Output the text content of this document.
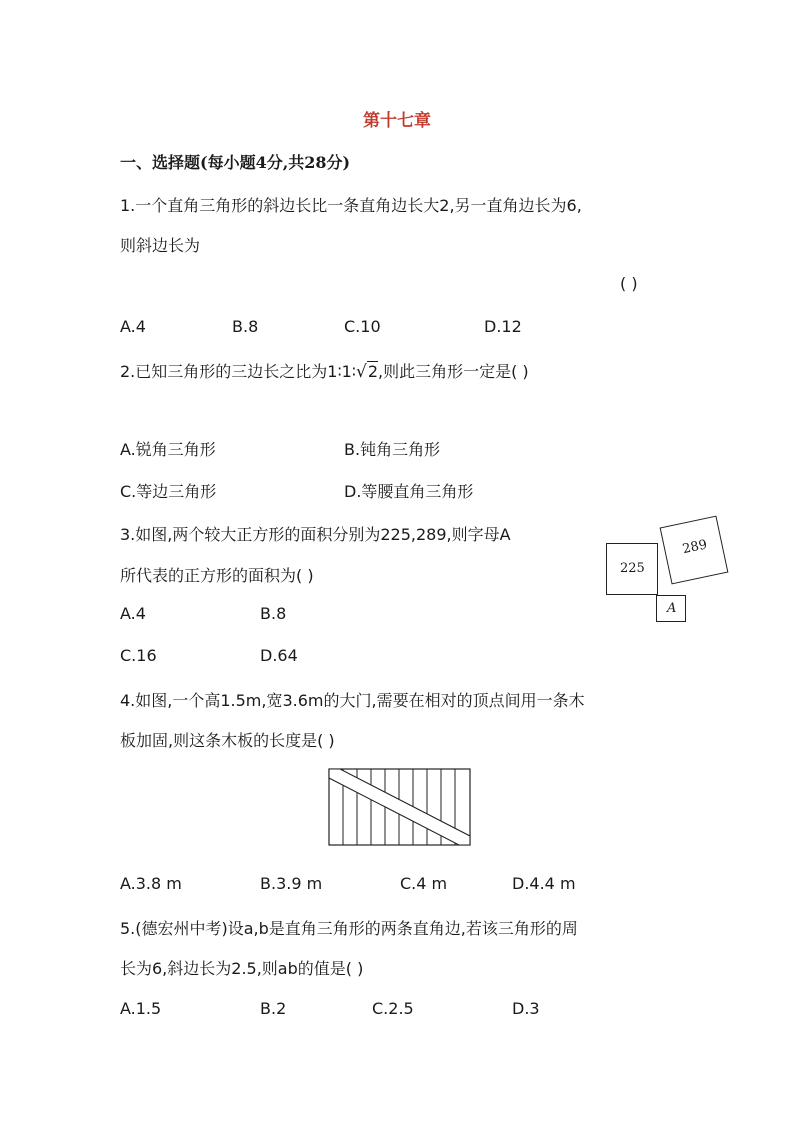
第十七章
一、选择题(每小题4分,共28分)
1.一个直角三角形的斜边长比一条直角边长大2,另一直角边长为6,
则斜边长为
( )
A.4	B.8	C.10	D.12
2.已知三角形的三边长之比为1∶1∶√2,则此三角形一定是( )
A.锐角三角形	B.钝角三角形
C.等边三角形	D.等腰直角三角形
3.如图,两个较大正方形的面积分别为225,289,则字母A
所代表的正方形的面积为( )
A.4	B.8
C.16	D.64
225
A
289
4.如图,一个高1.5m,宽3.6m的大门,需要在相对的顶点间用一条木
板加固,则这条木板的长度是( )
A.3.8 m	B.3.9 m	C.4 m	D.4.4 m
5.(德宏州中考)设a,b是直角三角形的两条直角边,若该三角形的周
长为6,斜边长为2.5,则ab的值是( )
A.1.5	B.2	C.2.5	D.3
